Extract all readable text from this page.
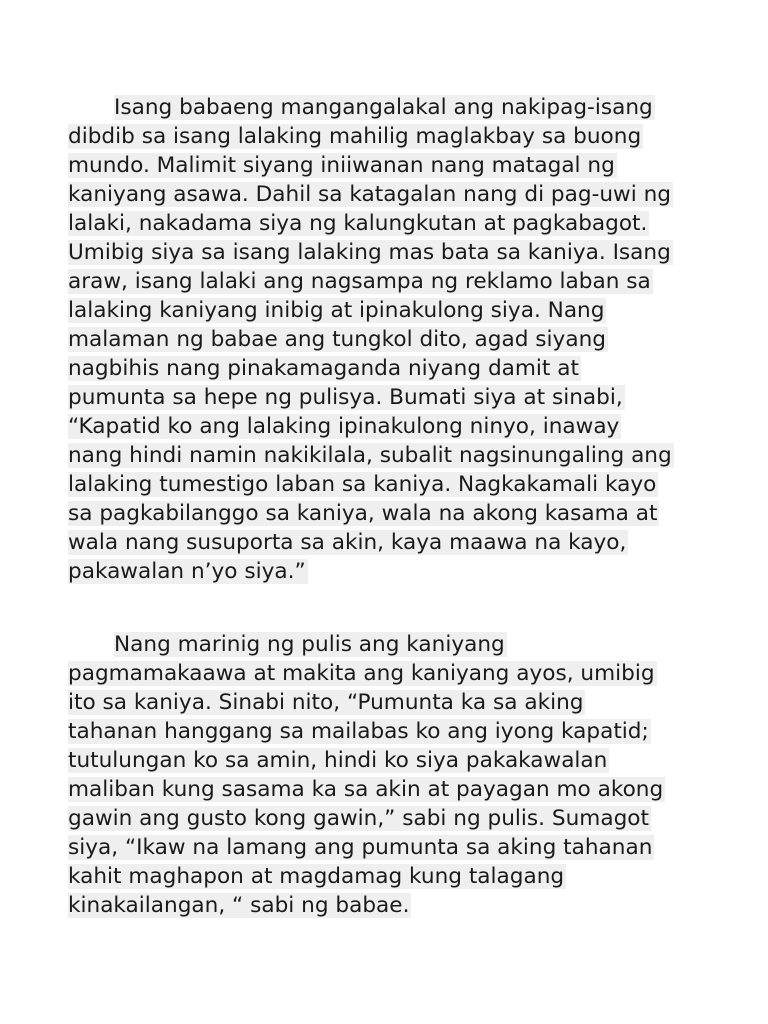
Isang babaeng mangangalakal ang nakipag-isang
dibdib sa isang lalaking mahilig maglakbay sa buong
mundo. Malimit siyang iniiwanan nang matagal ng
kaniyang asawa. Dahil sa katagalan nang di pag-uwi ng
lalaki, nakadama siya ng kalungkutan at pagkabagot.
Umibig siya sa isang lalaking mas bata sa kaniya. Isang
araw, isang lalaki ang nagsampa ng reklamo laban sa
lalaking kaniyang inibig at ipinakulong siya. Nang
malaman ng babae ang tungkol dito, agad siyang
nagbihis nang pinakamaganda niyang damit at
pumunta sa hepe ng pulisya. Bumati siya at sinabi,
“Kapatid ko ang lalaking ipinakulong ninyo, inaway
nang hindi namin nakikilala, subalit nagsinungaling ang
lalaking tumestigo laban sa kaniya. Nagkakamali kayo
sa pagkabilanggo sa kaniya, wala na akong kasama at
wala nang susuporta sa akin, kaya maawa na kayo,
pakawalan n’yo siya.”
Nang marinig ng pulis ang kaniyang
pagmamakaawa at makita ang kaniyang ayos, umibig
ito sa kaniya. Sinabi nito, “Pumunta ka sa aking
tahanan hanggang sa mailabas ko ang iyong kapatid;
tutulungan ko sa amin, hindi ko siya pakakawalan
maliban kung sasama ka sa akin at payagan mo akong
gawin ang gusto kong gawin,” sabi ng pulis. Sumagot
siya, “Ikaw na lamang ang pumunta sa aking tahanan
kahit maghapon at magdamag kung talagang
kinakailangan, “ sabi ng babae.
